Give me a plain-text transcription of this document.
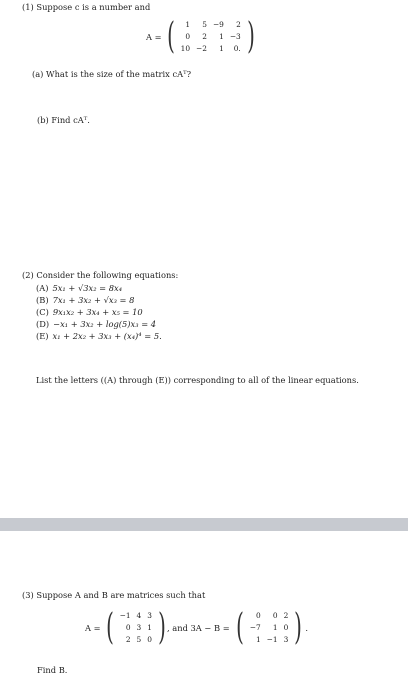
(1) Suppose c is a number and
A = ( 1	5	−9	2
0	2	1	−3
10	−2	1	0. )
(a) What is the size of the matrix cAᵀ?
(b) Find cAᵀ.
(2) Consider the following equations:
(A) 5x₁ + √3x₂ = 8x₄
(B) 7x₁ + 3x₂ + √x₃ = 8
(C) 9x₁x₂ + 3x₄ + x₅ = 10
(D) −x₁ + 3x₂ + log(5)x₃ = 4
(E) x₁ + 2x₂ + 3x₃ + (x₄)⁴ = 5.
List the letters ((A) through (E)) corresponding to all of the linear equations.
(3) Suppose A and B are matrices such that
A = ( −1	4	3
0	3	1
2	5	0 ) , and 3A − B = ( 0	0	2
−7	1	0
1	−1	3 ) .
Find B.
